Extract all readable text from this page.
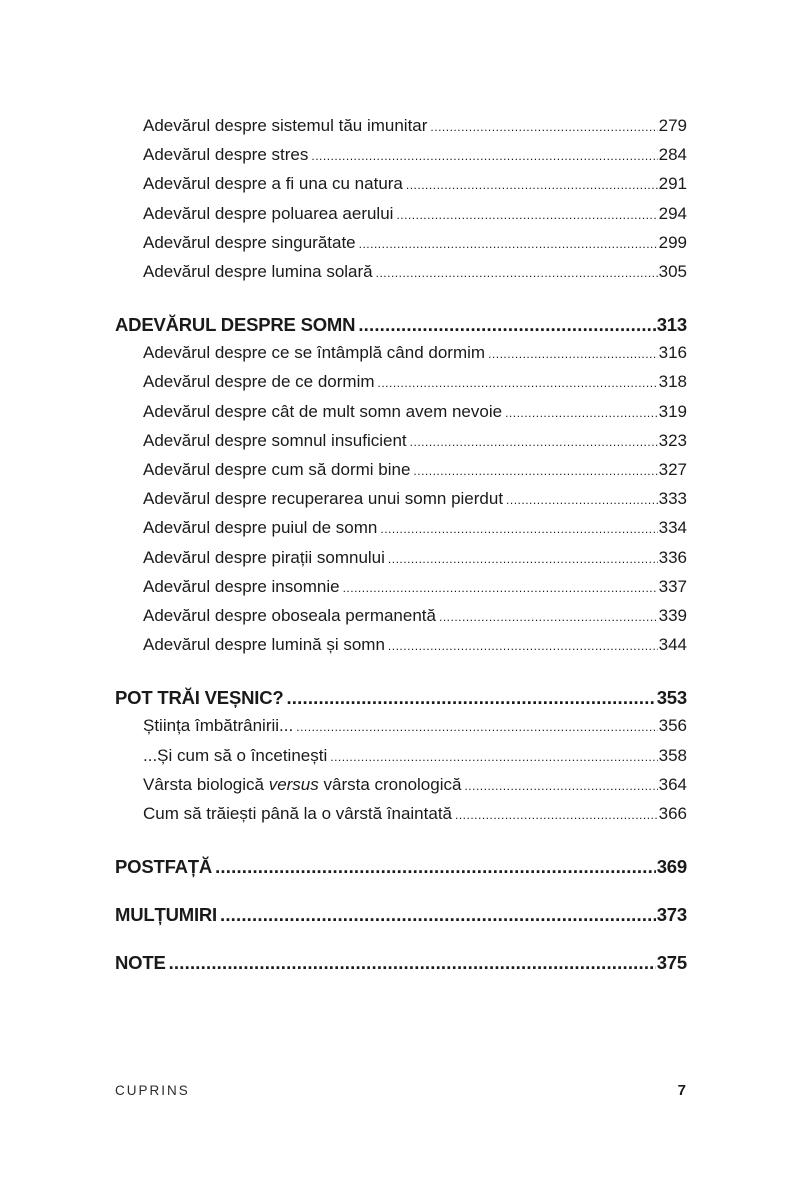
Adevărul despre sistemul tău imunitar .....	279
Adevărul despre stres .....	284
Adevărul despre a fi una cu natura .....	291
Adevărul despre poluarea aerului .....	294
Adevărul despre singurătate .....	299
Adevărul despre lumina solară .....	305
ADEVĂRUL DESPRE SOMN .....	313
Adevărul despre ce se întâmplă când dormim .....	316
Adevărul despre de ce dormim .....	318
Adevărul despre cât de mult somn avem nevoie .....	319
Adevărul despre somnul insuficient .....	323
Adevărul despre cum să dormi bine .....	327
Adevărul despre recuperarea unui somn pierdut .....	333
Adevărul despre puiul de somn .....	334
Adevărul despre pirații somnului .....	336
Adevărul despre insomnie .....	337
Adevărul despre oboseala permanentă .....	339
Adevărul despre lumină și somn .....	344
POT TRĂI VEȘNIC? .....	353
Știința îmbătrânirii... .....	356
...Și cum să o încetinești .....	358
Vârsta biologică versus vârsta cronologică .....	364
Cum să trăiești până la o vârstă înaintată .....	366
POSTFAȚĂ .....	369
MULȚUMIRI .....	373
NOTE .....	375
CUPRINS	7
